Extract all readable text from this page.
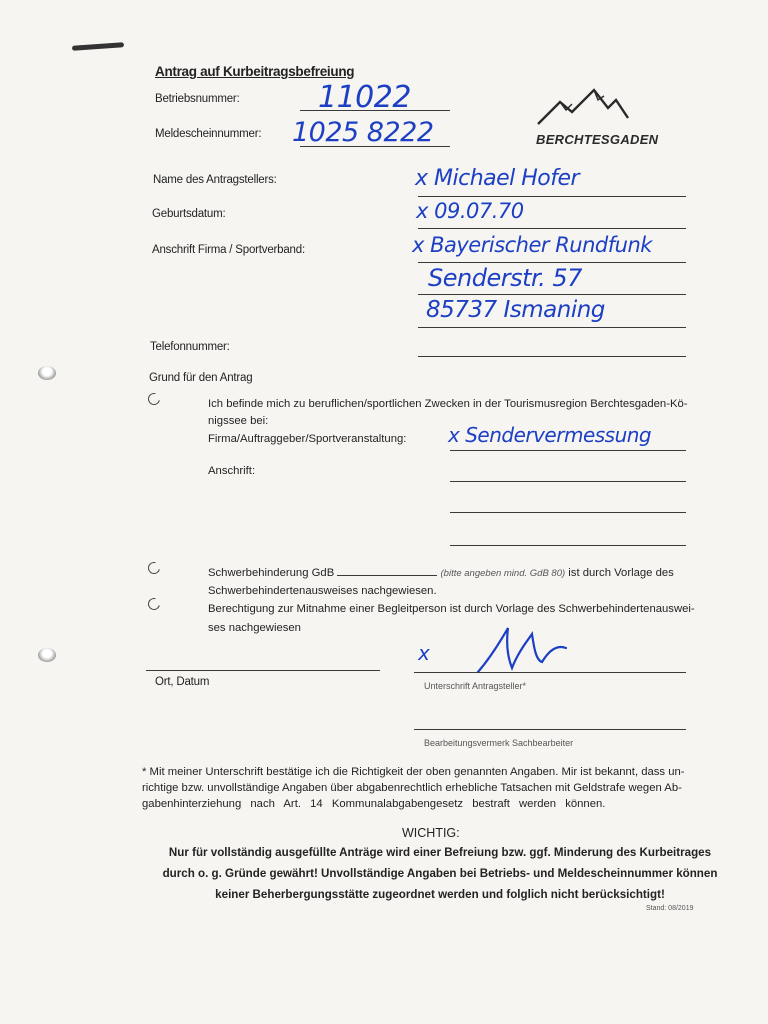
Antrag auf Kurbeitragsbefreiung
BERCHTESGADEN
Betriebsnummer:	11022
Meldescheinnummer: 1025 8222
Name des Antragstellers:	x Michael Hofer
Geburtsdatum:	x 09.07.70
Anschrift Firma / Sportverband:	x Bayerischer Rundfunk
Senderstr. 57
85737 Ismaning
Telefonnummer:
Grund für den Antrag
Ich befinde mich zu beruflichen/sportlichen Zwecken in der Tourismusregion Berchtesgaden-Kö-
nigssee bei:
Firma/Auftraggeber/Sportveranstaltung: x Sendervermessung
Anschrift:
Schwerbehinderung GdB	(bitte angeben mind. GdB 80) ist durch Vorlage des
Schwerbehindertenausweises nachgewiesen.
Berechtigung zur Mitnahme einer Begleitperson ist durch Vorlage des Schwerbehindertenauswei-
ses nachgewiesen
Ort, Datum
x
Unterschrift Antragsteller*
Bearbeitungsvermerk Sachbearbeiter
* Mit meiner Unterschrift bestätige ich die Richtigkeit der oben genannten Angaben. Mir ist bekannt, dass un-
richtige bzw. unvollständige Angaben über abgabenrechtlich erhebliche Tatsachen mit Geldstrafe wegen Ab-
gabenhinterziehung nach Art. 14 Kommunalabgabengesetz bestraft werden können.
WICHTIG:
Nur für vollständig ausgefüllte Anträge wird einer Befreiung bzw. ggf. Minderung des Kurbeitrages
durch o. g. Gründe gewährt! Unvollständige Angaben bei Betriebs- und Meldescheinnummer können
keiner Beherbergungsstätte zugeordnet werden und folglich nicht berücksichtigt!
Stand: 08/2019
